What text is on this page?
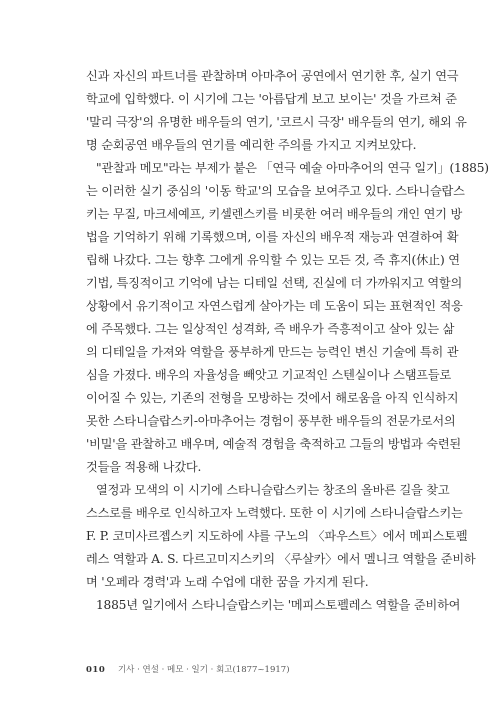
신과 자신의 파트너를 관찰하며 아마추어 공연에서 연기한 후, 실기 연극
학교에 입학했다. 이 시기에 그는 '아름답게 보고 보이는' 것을 가르쳐 준
'말리 극장'의 유명한 배우들의 연기, '코르시 극장' 배우들의 연기, 해외 유
명 순회공연 배우들의 연기를 예리한 주의를 가지고 지켜보았다.
"관찰과 메모"라는 부제가 붙은 「연극 예술 아마추어의 연극 일기」(1885)
는 이러한 실기 중심의 '이동 학교'의 모습을 보여주고 있다. 스타니슬랍스
키는 무질, 마크세예프, 키셀렌스키를 비롯한 여러 배우들의 개인 연기 방
법을 기억하기 위해 기록했으며, 이를 자신의 배우적 재능과 연결하여 확
립해 나갔다. 그는 향후 그에게 유익할 수 있는 모든 것, 즉 휴지(休止) 연
기법, 특징적이고 기억에 남는 디테일 선택, 진실에 더 가까워지고 역할의
상황에서 유기적이고 자연스럽게 살아가는 데 도움이 되는 표현적인 적응
에 주목했다. 그는 일상적인 성격화, 즉 배우가 즉흥적이고 살아 있는 삶
의 디테일을 가져와 역할을 풍부하게 만드는 능력인 변신 기술에 특히 관
심을 가졌다. 배우의 자율성을 빼앗고 기교적인 스텐실이나 스탬프들로
이어질 수 있는, 기존의 전형을 모방하는 것에서 해로움을 아직 인식하지
못한 스타니슬랍스키-아마추어는 경험이 풍부한 배우들의 전문가로서의
'비밀'을 관찰하고 배우며, 예술적 경험을 축적하고 그들의 방법과 숙련된
것들을 적용해 나갔다.
열정과 모색의 이 시기에 스타니슬랍스키는 창조의 올바른 길을 찾고
스스로를 배우로 인식하고자 노력했다. 또한 이 시기에 스타니슬랍스키는
F. P. 코미사르젭스키 지도하에 샤를 구노의 〈파우스트〉에서 메피스토펠
레스 역할과 A. S. 다르고미지스키의 〈루살카〉에서 멜니크 역할을 준비하
며 '오페라 경력'과 노래 수업에 대한 꿈을 가지게 된다.
1885년 일기에서 스타니슬랍스키는 '메피스토펠레스 역할을 준비하여
010 기사 · 연설 · 메모 · 일기 · 회고(1877~1917)
